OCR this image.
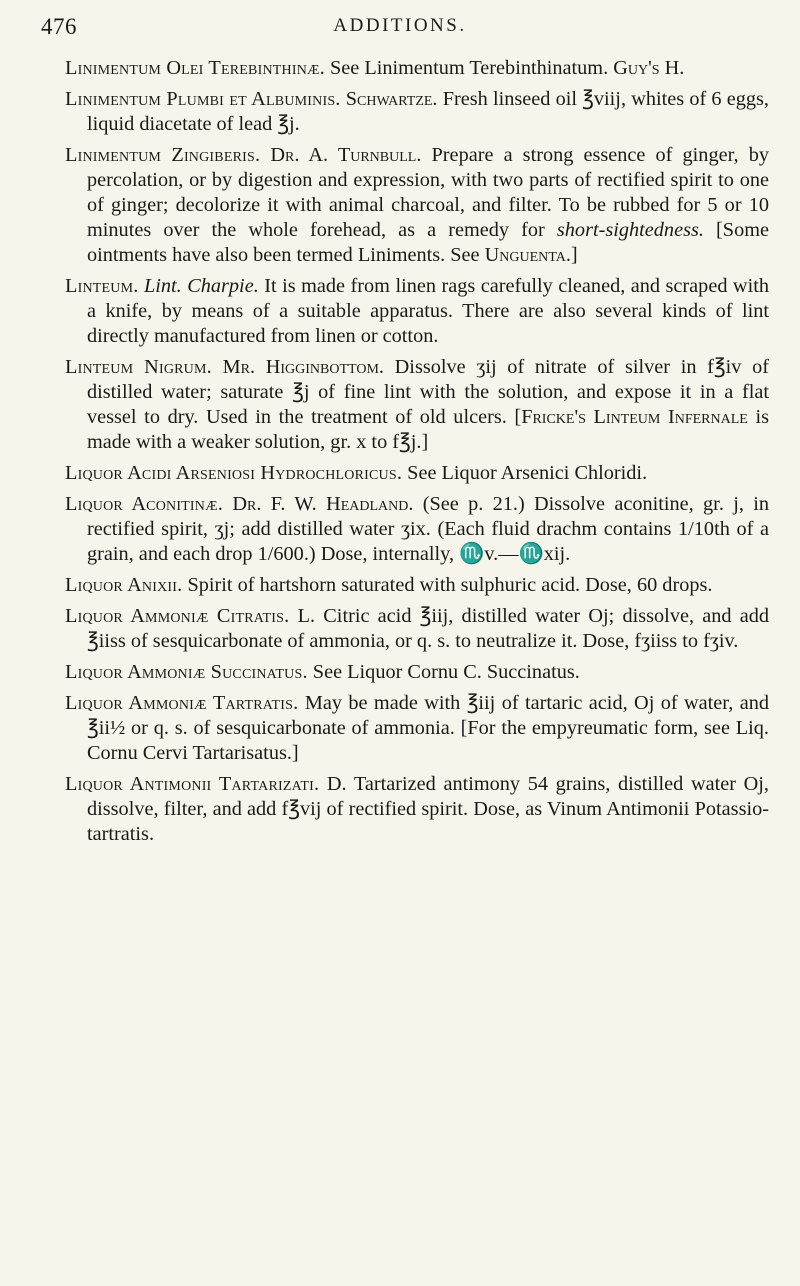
476	ADDITIONS.

Linimentum Olei Terebinthinæ. See Linimentum Terebinthinatum. Guy's H.

Linimentum Plumbi et Albuminis. Schwartze. Fresh linseed oil ℥viij, whites of 6 eggs, liquid diacetate of lead ℥j.

Linimentum Zingiberis. Dr. A. Turnbull. Prepare a strong essence of ginger, by percolation, or by digestion and expression, with two parts of rectified spirit to one of ginger; decolorize it with animal charcoal, and filter. To be rubbed for 5 or 10 minutes over the whole forehead, as a remedy for short-sightedness. [Some ointments have also been termed Liniments. See Unguenta.]

Linteum. Lint. Charpie. It is made from linen rags carefully cleaned, and scraped with a knife, by means of a suitable apparatus. There are also several kinds of lint directly manufactured from linen or cotton.

Linteum Nigrum. Mr. Higginbottom. Dissolve ʒij of nitrate of silver in f℥iv of distilled water; saturate ℥j of fine lint with the solution, and expose it in a flat vessel to dry. Used in the treatment of old ulcers. [Fricke's Linteum Infernale is made with a weaker solution, gr. x to f℥j.]

Liquor Acidi Arseniosi Hydrochloricus. See Liquor Arsenici Chloridi.

Liquor Aconitinæ. Dr. F. W. Headland. (See p. 21.) Dissolve aconitine, gr. j, in rectified spirit, ʒj; add distilled water ʒix. (Each fluid drachm contains 1/10th of a grain, and each drop 1/600.) Dose, internally, ♏v.—♏xij.

Liquor Anixii. Spirit of hartshorn saturated with sulphuric acid. Dose, 60 drops.

Liquor Ammoniæ Citratis. L. Citric acid ℥iij, distilled water Oj; dissolve, and add ℥iiss of sesquicarbonate of ammonia, or q. s. to neutralize it. Dose, fʒiiss to fʒiv.

Liquor Ammoniæ Succinatus. See Liquor Cornu C. Succinatus.

Liquor Ammoniæ Tartratis. May be made with ℥iij of tartaric acid, Oj of water, and ℥ii½ or q. s. of sesquicarbonate of ammonia. [For the empyreumatic form, see Liq. Cornu Cervi Tartarisatus.]

Liquor Antimonii Tartarizati. D. Tartarized antimony 54 grains, distilled water Oj, dissolve, filter, and add f℥vij of rectified spirit. Dose, as Vinum Antimonii Potassio-tartratis.
